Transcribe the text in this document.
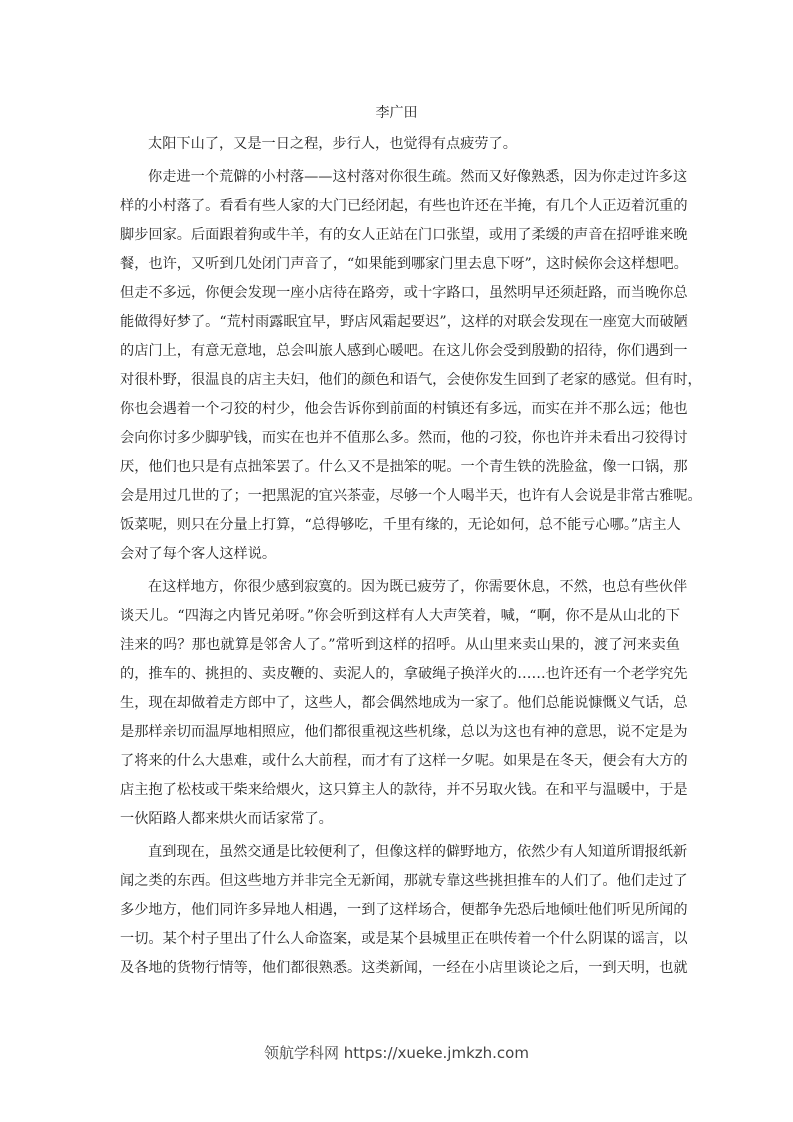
李广田
太阳下山了，又是一日之程，步行人，也觉得有点疲劳了。
你走进一个荒僻的小村落——这村落对你很生疏。然而又好像熟悉，因为你走过许多这
样的小村落了。看看有些人家的大门已经闭起，有些也许还在半掩，有几个人正迈着沉重的
脚步回家。后面跟着狗或牛羊，有的女人正站在门口张望，或用了柔缓的声音在招呼谁来晚
餐，也许，又听到几处闭门声音了，“如果能到哪家门里去息下呀”，这时候你会这样想吧。
但走不多远，你便会发现一座小店待在路旁，或十字路口，虽然明早还须赶路，而当晚你总
能做得好梦了。“荒村雨露眠宜早，野店风霜起要迟”，这样的对联会发现在一座宽大而破陋
的店门上，有意无意地，总会叫旅人感到心暖吧。在这儿你会受到殷勤的招待，你们遇到一
对很朴野，很温良的店主夫妇，他们的颜色和语气，会使你发生回到了老家的感觉。但有时，
你也会遇着一个刁狡的村少，他会告诉你到前面的村镇还有多远，而实在并不那么远；他也
会向你讨多少脚驴钱，而实在也并不值那么多。然而，他的刁狡，你也许并未看出刁狡得讨
厌，他们也只是有点拙笨罢了。什么又不是拙笨的呢。一个青生铁的洗脸盆，像一口锅，那
会是用过几世的了；一把黑泥的宜兴茶壶，尽够一个人喝半天，也许有人会说是非常古雅呢。
饭菜呢，则只在分量上打算，“总得够吃，千里有缘的，无论如何，总不能亏心哪。”店主人
会对了每个客人这样说。
在这样地方，你很少感到寂寞的。因为既已疲劳了，你需要休息，不然，也总有些伙伴
谈天儿。“四海之内皆兄弟呀。”你会听到这样有人大声笑着，喊，“啊，你不是从山北的下
洼来的吗？那也就算是邻舍人了。”常听到这样的招呼。从山里来卖山果的，渡了河来卖鱼
的，推车的、挑担的、卖皮鞭的、卖泥人的，拿破绳子换洋火的……也许还有一个老学究先
生，现在却做着走方郎中了，这些人，都会偶然地成为一家了。他们总能说慷慨义气话，总
是那样亲切而温厚地相照应，他们都很重视这些机缘，总以为这也有神的意思，说不定是为
了将来的什么大患难，或什么大前程，而才有了这样一夕呢。如果是在冬天，便会有大方的
店主抱了松枝或干柴来给煨火，这只算主人的款待，并不另取火钱。在和平与温暖中，于是
一伙陌路人都来烘火而话家常了。
直到现在，虽然交通是比较便利了，但像这样的僻野地方，依然少有人知道所谓报纸新
闻之类的东西。但这些地方并非完全无新闻，那就专靠这些挑担推车的人们了。他们走过了
多少地方，他们同许多异地人相遇，一到了这样场合，便都争先恐后地倾吐他们听见所闻的
一切。某个村子里出了什么人命盗案，或是某个县城里正在哄传着一个什么阴谋的谣言，以
及各地的货物行情等，他们都很熟悉。这类新闻，一经在小店里谈论之后，一到天明，也就
领航学科网 https://xueke.jmkzh.com
